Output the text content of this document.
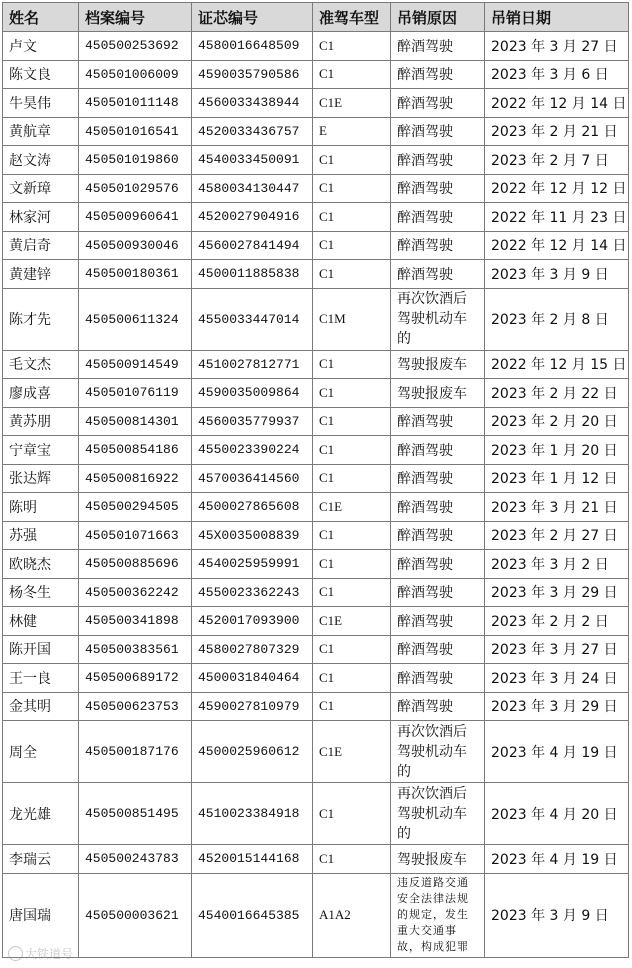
姓名	档案编号	证芯编号	准驾车型	吊销原因	吊销日期
卢文	450500253692	4580016648509	C1	醉酒驾驶	2023 年 3 月 27 日
陈文良	450501006009	4590035790586	C1	醉酒驾驶	2023 年 3 月 6 日
牛昊伟	450501011148	4560033438944	C1E	醉酒驾驶	2022 年 12 月 14 日
黄航章	450501016541	4520033436757	E	醉酒驾驶	2023 年 2 月 21 日
赵文涛	450501019860	4540033450091	C1	醉酒驾驶	2023 年 2 月 7 日
文新璋	450501029576	4580034130447	C1	醉酒驾驶	2022 年 12 月 12 日
林家河	450500960641	4520027904916	C1	醉酒驾驶	2022 年 11 月 23 日
黄启奇	450500930046	4560027841494	C1	醉酒驾驶	2022 年 12 月 14 日
黄建锌	450500180361	4500011885838	C1	醉酒驾驶	2023 年 3 月 9 日
陈才先	450500611324	4550033447014	C1M	再次饮酒后驾驶机动车的	2023 年 2 月 8 日
毛文杰	450500914549	4510027812771	C1	驾驶报废车	2022 年 12 月 15 日
廖成喜	450501076119	4590035009864	C1	驾驶报废车	2023 年 2 月 22 日
黄苏朋	450500814301	4560035779937	C1	醉酒驾驶	2023 年 2 月 20 日
宁章宝	450500854186	4550023390224	C1	醉酒驾驶	2023 年 1 月 20 日
张达辉	450500816922	4570036414560	C1	醉酒驾驶	2023 年 1 月 12 日
陈明	450500294505	4500027865608	C1E	醉酒驾驶	2023 年 3 月 21 日
苏强	450501071663	45X0035008839	C1	醉酒驾驶	2023 年 2 月 27 日
欧晓杰	450500885696	4540025959991	C1	醉酒驾驶	2023 年 3 月 2 日
杨冬生	450500362242	4550023362243	C1	醉酒驾驶	2023 年 3 月 29 日
林健	450500341898	4520017093900	C1E	醉酒驾驶	2023 年 2 月 2 日
陈开国	450500383561	4580027807329	C1	醉酒驾驶	2023 年 3 月 27 日
王一良	450500689172	4500031840464	C1	醉酒驾驶	2023 年 3 月 24 日
金其明	450500623753	4590027810979	C1	醉酒驾驶	2023 年 3 月 29 日
周全	450500187176	4500025960612	C1E	再次饮酒后驾驶机动车的	2023 年 4 月 19 日
龙光雄	450500851495	4510023384918	C1	再次饮酒后驾驶机动车的	2023 年 4 月 20 日
李瑞云	450500243783	4520015144168	C1	驾驶报废车	2023 年 4 月 19 日
唐国瑞	450500003621	4540016645385	A1A2	违反道路交通安全法律法规的规定，发生重大交通事故，构成犯罪	2023 年 3 月 9 日
大铁道号
